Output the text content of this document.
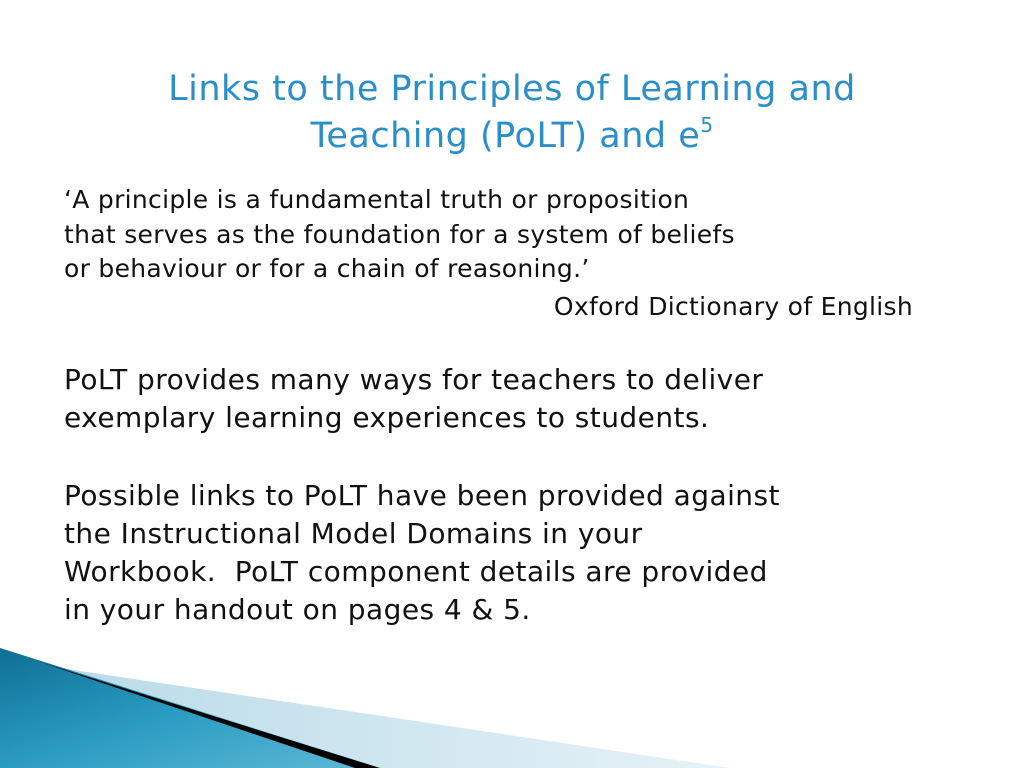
Links to the Principles of Learning and
Teaching (PoLT) and $e^5$
‘A principle is a fundamental truth or proposition
that serves as the foundation for a system of beliefs
or behaviour or for a chain of reasoning.’
Oxford Dictionary of English
PoLT provides many ways for teachers to deliver
exemplary learning experiences to students.
Possible links to PoLT have been provided against
the Instructional Model Domains in your
Workbook.  PoLT component details are provided
in your handout on pages 4 & 5.
